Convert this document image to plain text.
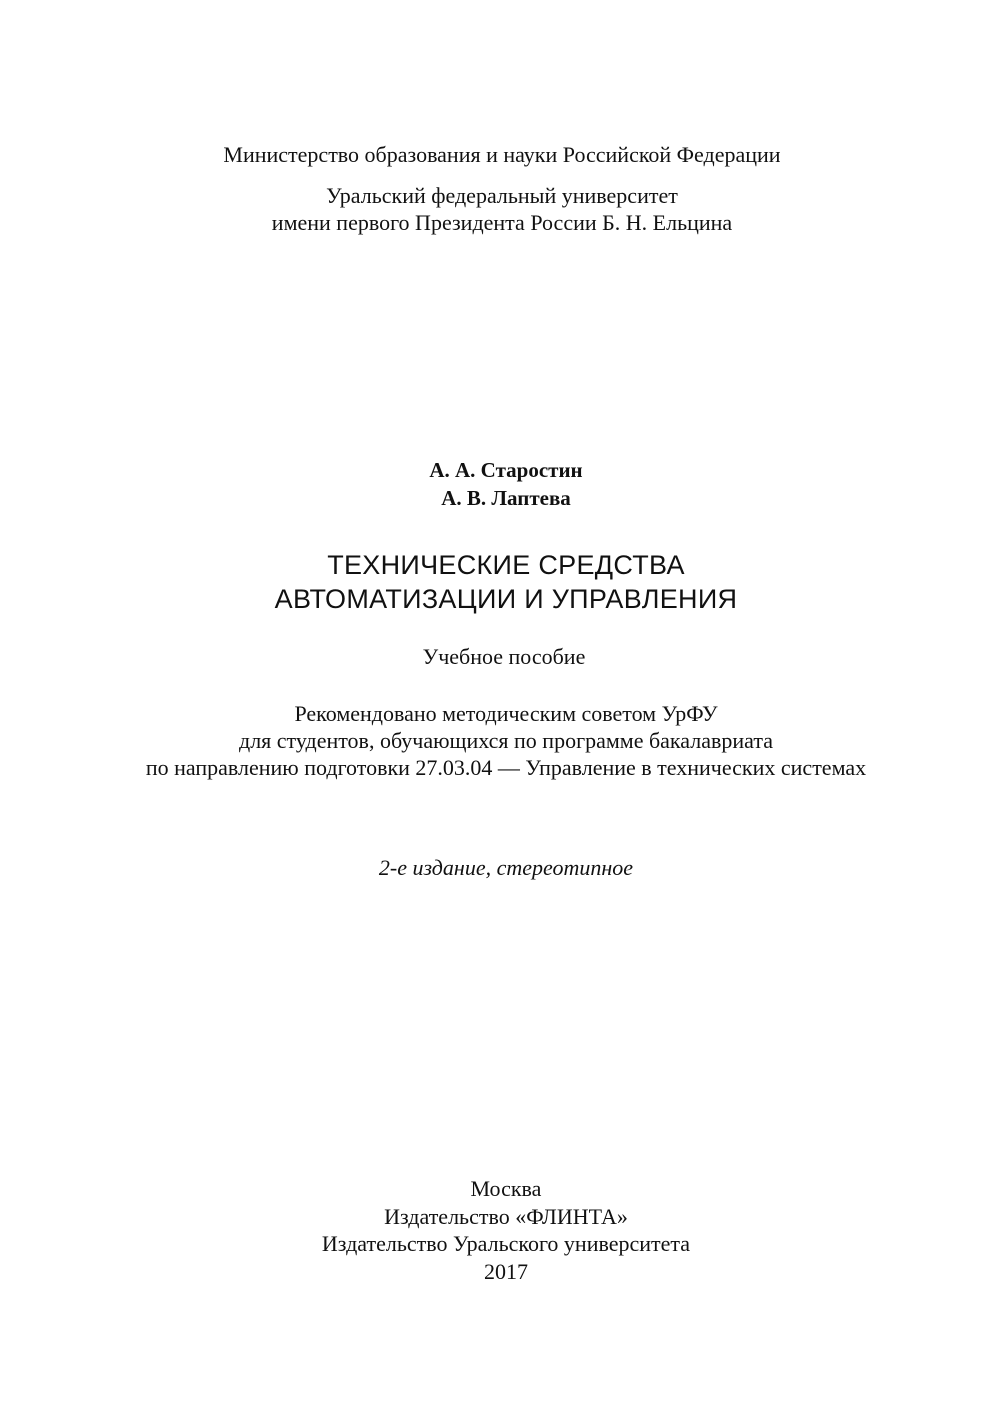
Министерство образования и науки Российской Федерации
Уральский федеральный университет
имени первого Президента России Б. Н. Ельцина
А. А. Старостин
А. В. Лаптева
ТЕХНИЧЕСКИЕ СРЕДСТВА
АВТОМАТИЗАЦИИ И УПРАВЛЕНИЯ
Учебное пособие
Рекомендовано методическим советом УрФУ
для студентов, обучающихся по программе бакалавриата
по направлению подготовки 27.03.04 — Управление в технических системах
2-е издание, стереотипное
Москва
Издательство «ФЛИНТА»
Издательство Уральского университета
2017
